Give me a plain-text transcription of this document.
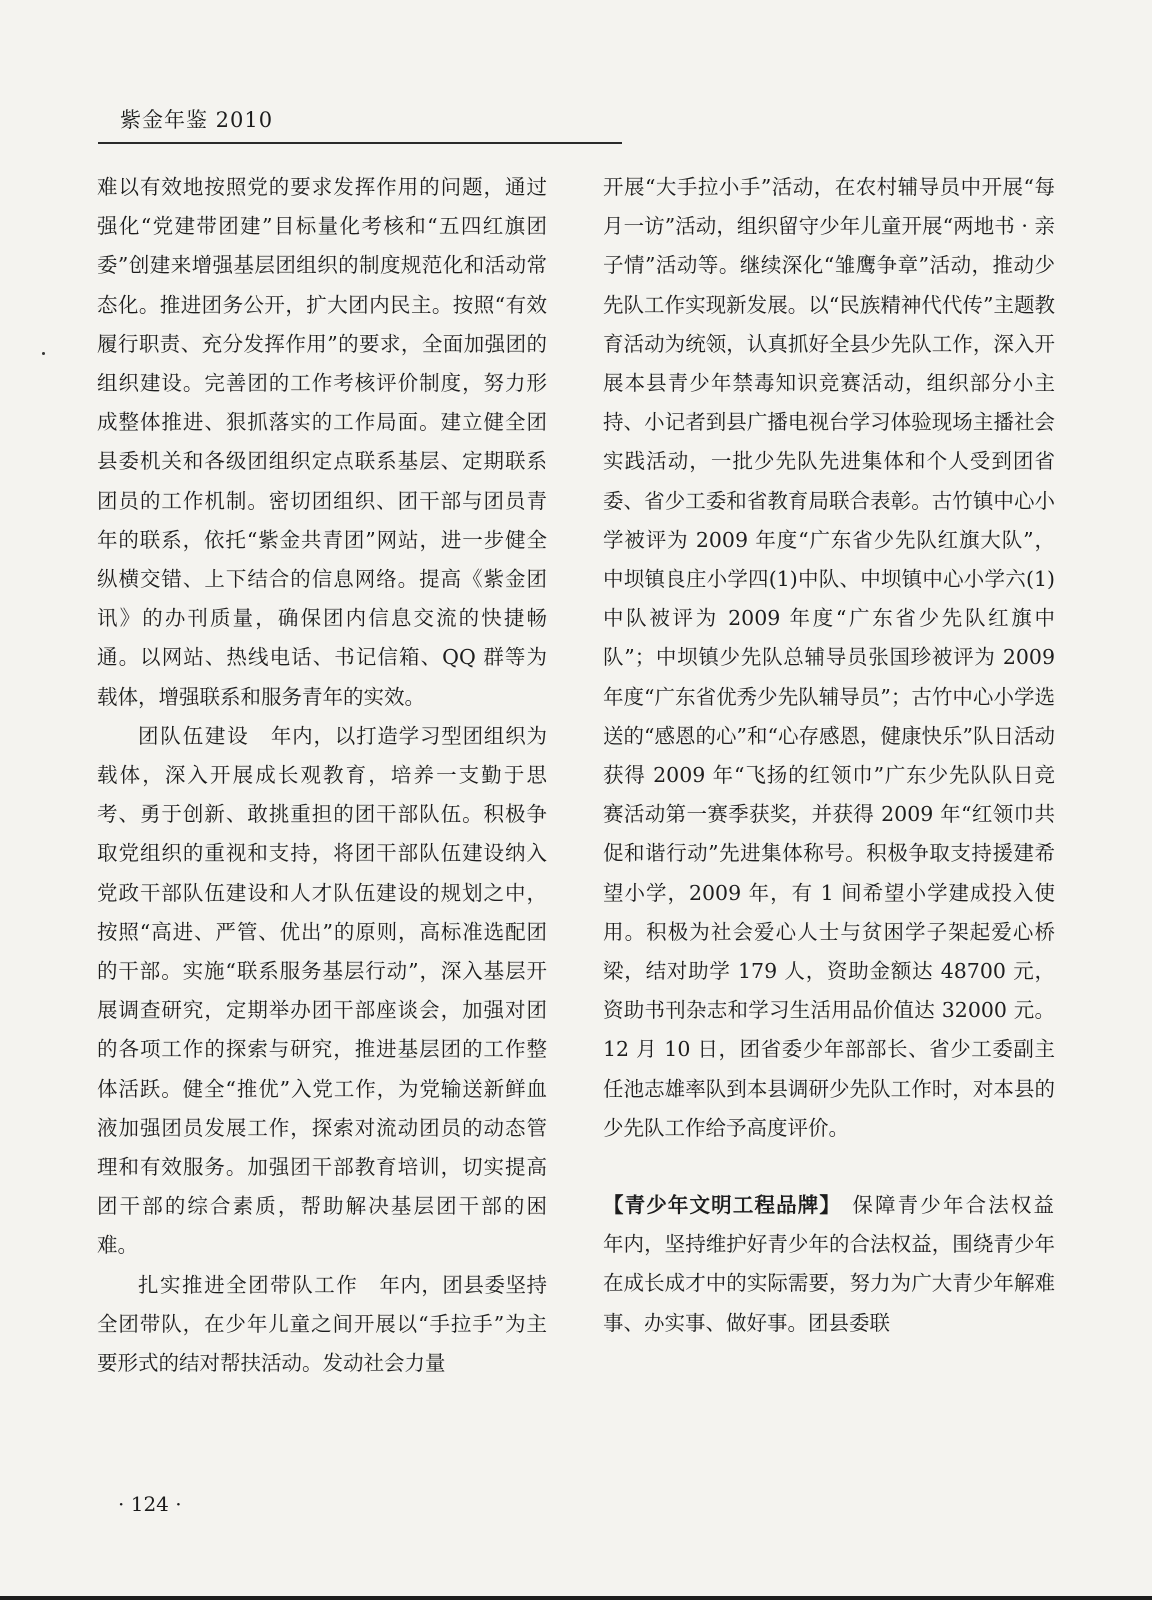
紫金年鉴 2010

难以有效地按照党的要求发挥作用的问题，通过强化“党建带团建”目标量化考核和“五四红旗团委”创建来增强基层团组织的制度规范化和活动常态化。推进团务公开，扩大团内民主。按照“有效履行职责、充分发挥作用”的要求，全面加强团的组织建设。完善团的工作考核评价制度，努力形成整体推进、狠抓落实的工作局面。建立健全团县委机关和各级团组织定点联系基层、定期联系团员的工作机制。密切团组织、团干部与团员青年的联系，依托“紫金共青团”网站，进一步健全纵横交错、上下结合的信息网络。提高《紫金团讯》的办刊质量，确保团内信息交流的快捷畅通。以网站、热线电话、书记信箱、QQ 群等为载体，增强联系和服务青年的实效。

团队伍建设　 年内，以打造学习型团组织为载体，深入开展成长观教育，培养一支勤于思考、勇于创新、敢挑重担的团干部队伍。积极争取党组织的重视和支持，将团干部队伍建设纳入党政干部队伍建设和人才队伍建设的规划之中，按照“高进、严管、优出”的原则，高标准选配团的干部。实施“联系服务基层行动”，深入基层开展调查研究，定期举办团干部座谈会，加强对团的各项工作的探索与研究，推进基层团的工作整体活跃。健全“推优”入党工作，为党输送新鲜血液加强团员发展工作，探索对流动团员的动态管理和有效服务。加强团干部教育培训，切实提高团干部的综合素质，帮助解决基层团干部的困难。

扎实推进全团带队工作　 年内，团县委坚持全团带队，在少年儿童之间开展以“手拉手”为主要形式的结对帮扶活动。发动社会力量

开展“大手拉小手”活动，在农村辅导员中开展“每月一访”活动，组织留守少年儿童开展“两地书 · 亲子情”活动等。继续深化“雏鹰争章”活动，推动少先队工作实现新发展。以“民族精神代代传”主题教育活动为统领，认真抓好全县少先队工作，深入开展本县青少年禁毒知识竞赛活动，组织部分小主持、小记者到县广播电视台学习体验现场主播社会实践活动，一批少先队先进集体和个人受到团省委、省少工委和省教育局联合表彰。古竹镇中心小学被评为 2009 年度“广东省少先队红旗大队”，中坝镇良庄小学四(1)中队、中坝镇中心小学六(1)中队被评为 2009 年度“广东省少先队红旗中队”；中坝镇少先队总辅导员张国珍被评为 2009 年度“广东省优秀少先队辅导员”；古竹中心小学选送的“感恩的心”和“心存感恩，健康快乐”队日活动获得 2009 年“飞扬的红领巾”广东少先队队日竞赛活动第一赛季获奖，并获得 2009 年“红领巾共促和谐行动”先进集体称号。积极争取支持援建希望小学，2009 年，有 1 间希望小学建成投入使用。积极为社会爱心人士与贫困学子架起爱心桥梁，结对助学 179 人，资助金额达 48700 元，资助书刊杂志和学习生活用品价值达 32000 元。12 月 10 日，团省委少年部部长、省少工委副主任池志雄率队到本县调研少先队工作时，对本县的少先队工作给予高度评价。

【青少年文明工程品牌】　 保障青少年合法权益　年内，坚持维护好青少年的合法权益，围绕青少年在成长成才中的实际需要，努力为广大青少年解难事、办实事、做好事。团县委联

· 124 ·
